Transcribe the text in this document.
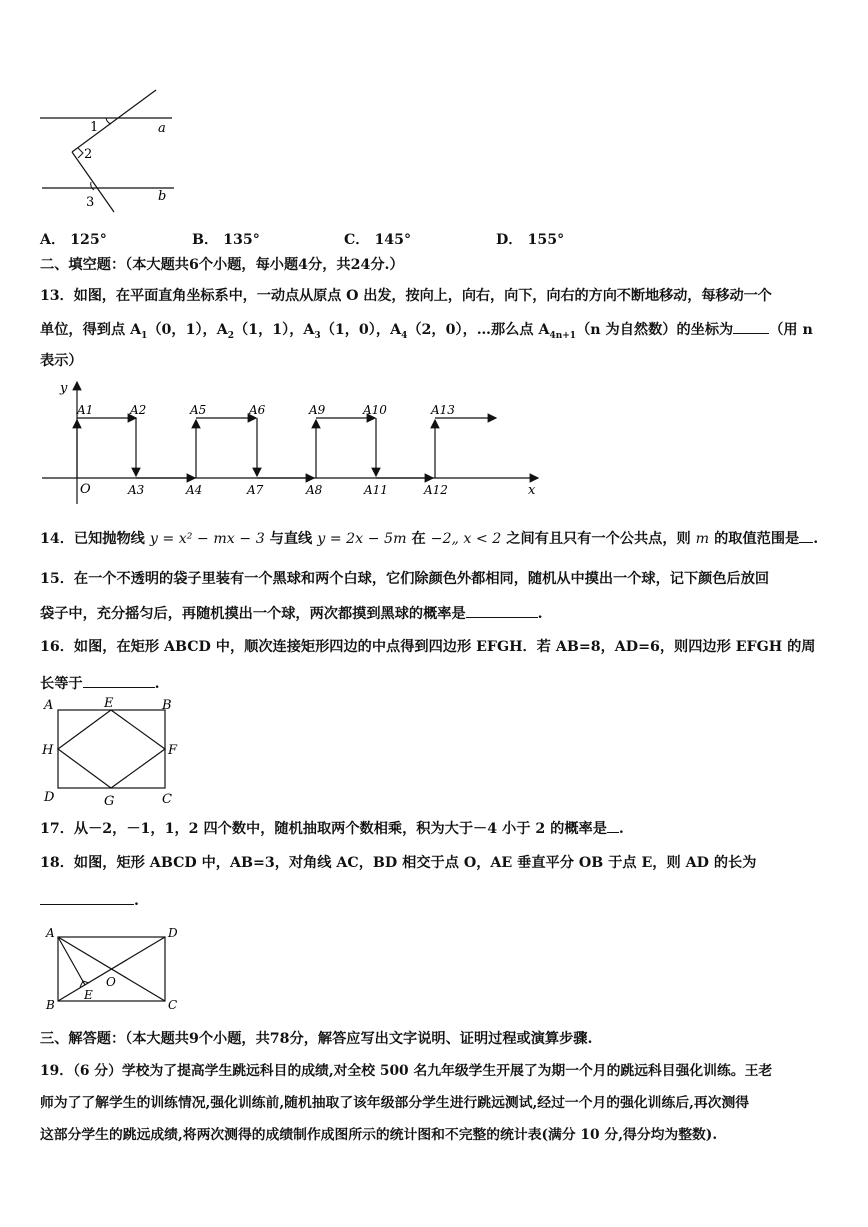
1
2
3
a
b
A． 125°	B． 135°	C． 145°	D． 155°
二、填空题：（本大题共6个小题，每小题4分，共24分.）
13．如图，在平面直角坐标系中，一动点从原点 O 出发，按向上，向右，向下，向右的方向不断地移动，每移动一个
单位，得到点 $A_1(0$，1），$A_2(1$，1），$A_3(1$，0），$A_4(2$，0），…那么点 $A_{4n+1}(n$ 为自然数）的坐标为	（用 n
表示）
y
x
O
A1	A2	A5	A6	A9	A10	A13
A3	A4	A7	A8	A11	A12
14．已知抛物线 y = x² − mx − 3 与直线 y = 2x − 5m 在 −2„ x < 2 之间有且只有一个公共点，则 m 的取值范围是 .
15．在一个不透明的袋子里装有一个黑球和两个白球，它们除颜色外都相同，随机从中摸出一个球，记下颜色后放回
袋子中，充分摇匀后，再随机摸出一个球，两次都摸到黑球的概率是	.
16．如图，在矩形 ABCD 中，顺次连接矩形四边的中点得到四边形 EFGH．若 AB=8，AD=6，则四边形 EFGH 的周
长等于	.
A	E	B
H	F
D	G	C
17．从－2，－1，1，2 四个数中，随机抽取两个数相乘，积为大于－4 小于 2 的概率是 .
18．如图，矩形 ABCD 中，AB=3，对角线 AC，BD 相交于点 O，AE 垂直平分 OB 于点 E，则 AD 的长为
.
A	D
O
E
B	C
三、解答题：（本大题共9个小题，共78分，解答应写出文字说明、证明过程或演算步骤.
19．（6 分）学校为了提高学生跳远科目的成绩,对全校 500 名九年级学生开展了为期一个月的跳远科目强化训练。王老
师为了了解学生的训练情况,强化训练前,随机抽取了该年级部分学生进行跳远测试,经过一个月的强化训练后,再次测得
这部分学生的跳远成绩,将两次测得的成绩制作成图所示的统计图和不完整的统计表(满分 10 分,得分均为整数).
